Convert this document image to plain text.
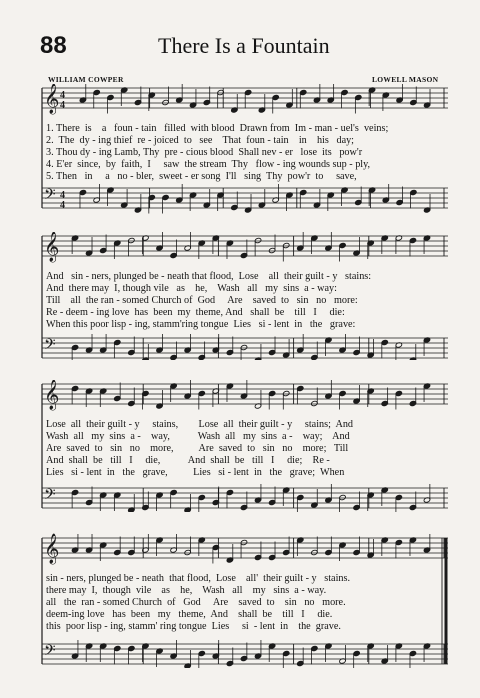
88	There Is a Fountain
WILLIAM COWPER	LOWELL MASON
𝄞 4
4
𝄢 4
4
1. There  is    a   foun - tain   filled  with blood  Drawn from  Im - man - uel's  veins;
2.  The  dy - ing thief  re - joiced  to   see    That  foun - tain    in    his   day;
3. Thou dy - ing Lamb, Thy  pre - cious blood  Shall nev - er   lose  its   pow'r
4. E'er  since,  by  faith,  I     saw  the stream  Thy   flow - ing wounds sup - ply,
5. Then   in     a   no - bler,  sweet - er song  I'll   sing  Thy  pow'r  to     save,
𝄞
𝄢
And   sin - ners, plunged be - neath that flood,  Lose    all  their guilt - y   stains:
And  there may  I, though vile   as    he,    Wash   all   my  sins  a - way:
Till    all  the ran - somed Church of  God     Are    saved  to   sin   no   more:
Re - deem - ing love  has  been  my  theme, And   shall  be    till   I     die:
When this poor lisp - ing, stamm'ring tongue  Lies   si - lent  in   the   grave:
𝄞
𝄢
Lose  all  their guilt - y     stains,        Lose  all  their guilt - y     stains;  And
Wash  all   my  sins  a -    way,           Wash  all   my  sins  a -    way;    And
Are  saved  to   sin   no    more,          Are  saved  to   sin   no    more;   Till
And  shall  be   till   I     die,           And  shall  be   till   I     die;    Re -
Lies   si - lent  in   the   grave,          Lies   si - lent  in   the   grave;  When
𝄞
𝄢
sin - ners, plunged be - neath  that flood,  Lose    all'  their guilt - y   stains.
there may  I,  though  vile    as    he,    Wash   all    my   sins  a - way.
all   the  ran - somed Church  of   God     Are    saved  to    sin   no   more.
deem-ing love   has  been   my   theme,  And    shall  be    till   I     die.
this  poor lisp - ing, stamm' ring tongue  Lies     si  - lent  in    the  grave.
